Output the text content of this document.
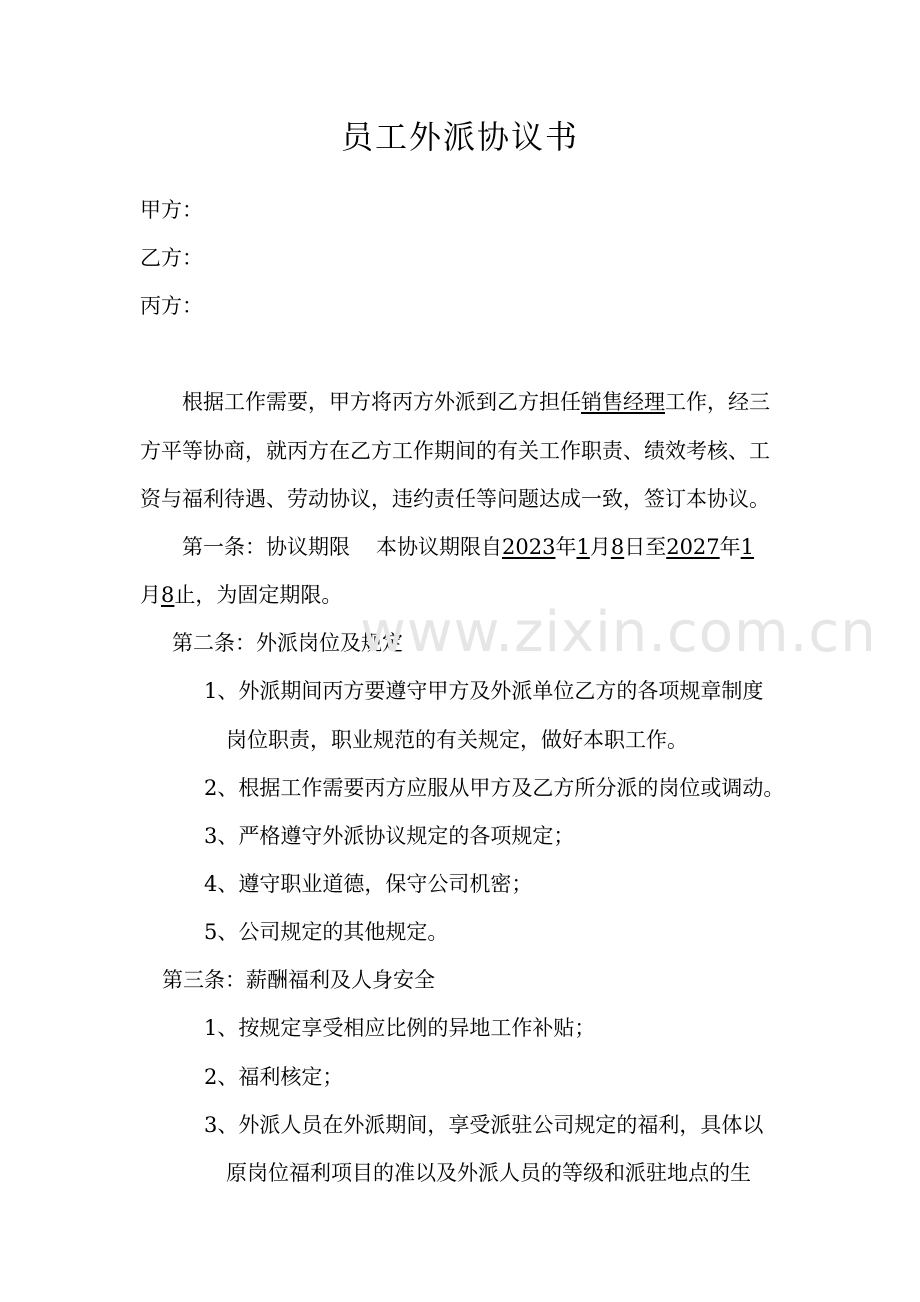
员工外派协议书
甲方：
乙方：
丙方：
根据工作需要，甲方将丙方外派到乙方担任销售经理工作，经三
方平等协商，就丙方在乙方工作期间的有关工作职责、绩效考核、工
资与福利待遇、劳动协议，违约责任等问题达成一致，签订本协议。
第一条：协议期限 本协议期限自2023年1月8日至2027年1
月8止，为固定期限。
第二条：外派岗位及规定
1、外派期间丙方要遵守甲方及外派单位乙方的各项规章制度
岗位职责，职业规范的有关规定，做好本职工作。
2、根据工作需要丙方应服从甲方及乙方所分派的岗位或调动。
3、严格遵守外派协议规定的各项规定；
4、遵守职业道德，保守公司机密；
5、公司规定的其他规定。
第三条：薪酬福利及人身安全
1、按规定享受相应比例的异地工作补贴；
2、福利核定；
3、外派人员在外派期间，享受派驻公司规定的福利，具体以
原岗位福利项目的准以及外派人员的等级和派驻地点的生
www.zixin.com.cn
